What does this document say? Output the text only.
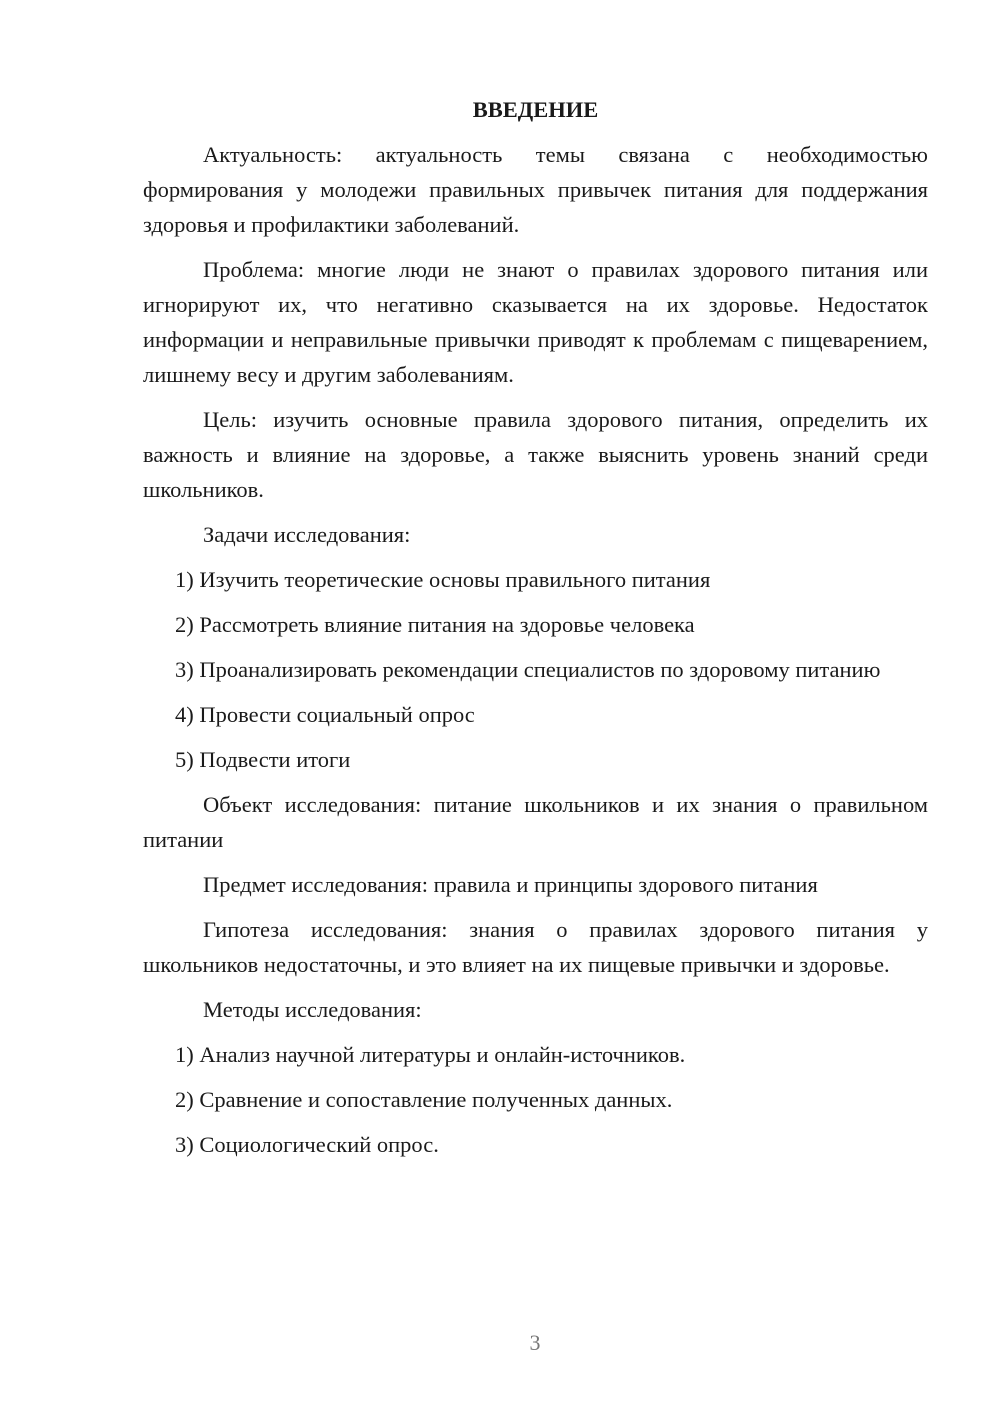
ВВЕДЕНИЕ

Актуальность: актуальность темы связана с необходимостью формирования у молодежи правильных привычек питания для поддержания здоровья и профилактики заболеваний.

Проблема: многие люди не знают о правилах здорового питания или игнорируют их, что негативно сказывается на их здоровье. Недостаток информации и неправильные привычки приводят к проблемам с пищеварением, лишнему весу и другим заболеваниям.

Цель: изучить основные правила здорового питания, определить их важность и влияние на здоровье, а также выяснить уровень знаний среди школьников.

Задачи исследования:

1) Изучить теоретические основы правильного питания

2) Рассмотреть влияние питания на здоровье человека

3) Проанализировать рекомендации специалистов по здоровому питанию

4) Провести социальный опрос

5) Подвести итоги

Объект исследования: питание школьников и их знания о правильном питании

Предмет исследования: правила и принципы здорового питания

Гипотеза исследования: знания о правилах здорового питания у школьников недостаточны, и это влияет на их пищевые привычки и здоровье.

Методы исследования:

1) Анализ научной литературы и онлайн-источников.

2) Сравнение и сопоставление полученных данных.

3) Социологический опрос.

3
